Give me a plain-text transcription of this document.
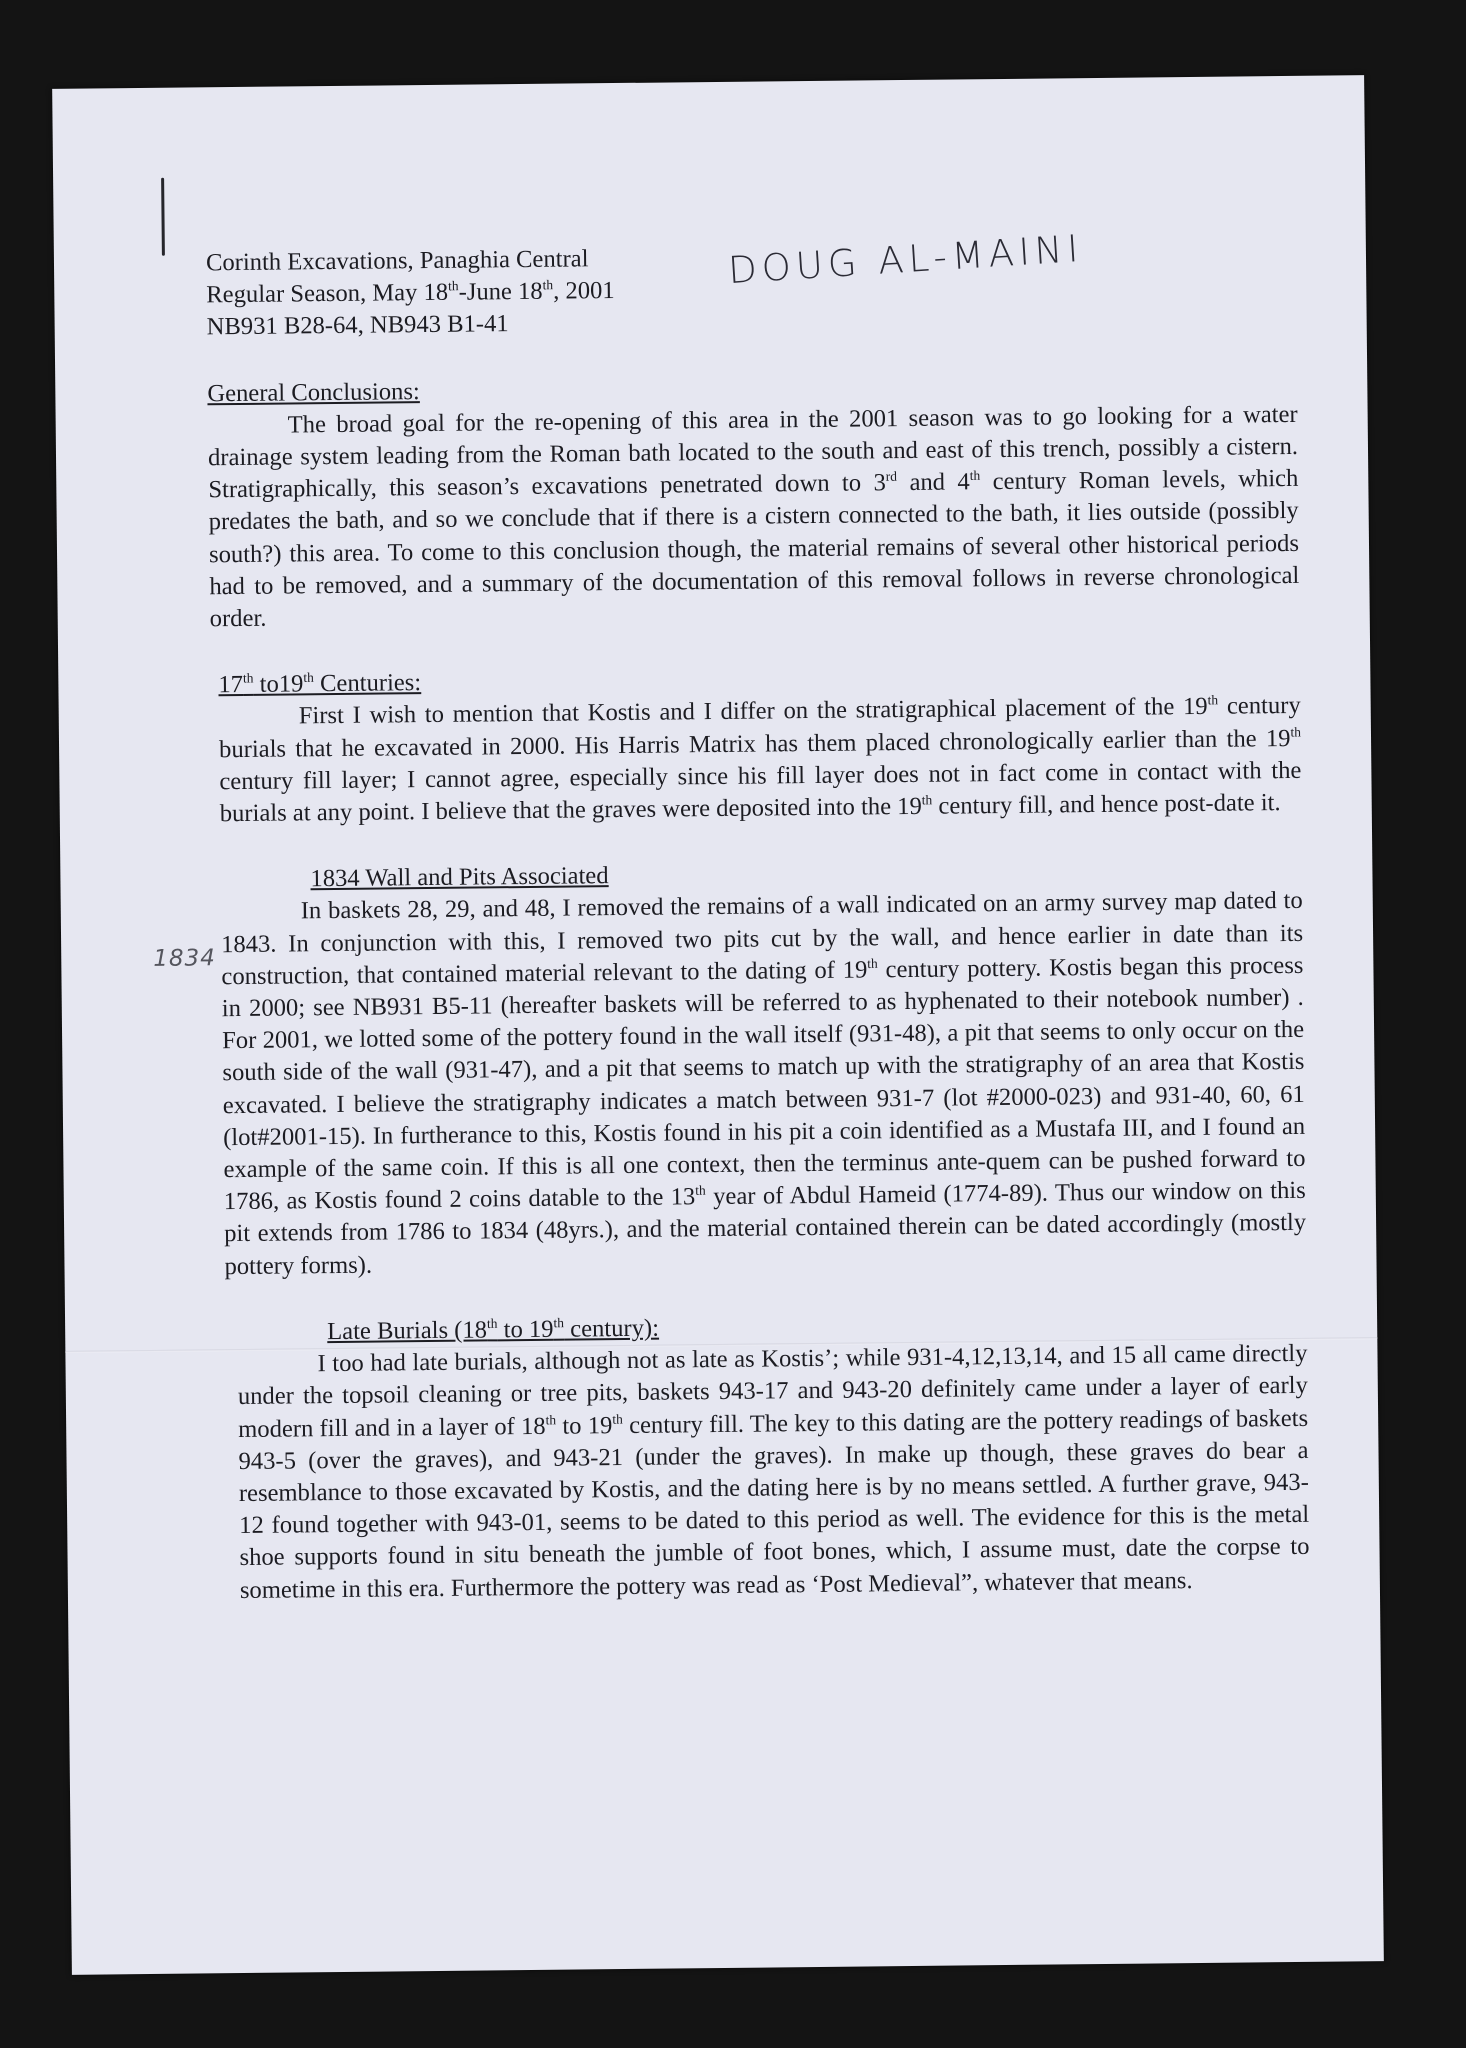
DOUG AL-MAINI
1834

Corinth Excavations, Panaghia Central

Regular Season, May 18th-June 18th, 2001

NB931 B28-64, NB943 B1-41

General Conclusions:

The broad goal for the re-opening of this area in the 2001 season was to go looking for a water drainage system leading from the Roman bath located to the south and east of this trench, possibly a cistern. Stratigraphically, this season’s excavations penetrated down to 3rd and 4th century Roman levels, which predates the bath, and so we conclude that if there is a cistern connected to the bath, it lies outside (possibly south?) this area. To come to this conclusion though, the material remains of several other historical periods had to be removed, and a summary of the documentation of this removal follows in reverse chronological order.

17th to19th Centuries:

First I wish to mention that Kostis and I differ on the stratigraphical placement of the 19th century burials that he excavated in 2000. His Harris Matrix has them placed chronologically earlier than the 19th century fill layer; I cannot agree, especially since his fill layer does not in fact come in contact with the burials at any point. I believe that the graves were deposited into the 19th century fill, and hence post-date it.

1834 Wall and Pits Associated

In baskets 28, 29, and 48, I removed the remains of a wall indicated on an army survey map dated to 1843. In conjunction with this, I removed two pits cut by the wall, and hence earlier in date than its construction, that contained material relevant to the dating of 19th century pottery. Kostis began this process in 2000; see NB931 B5-11 (hereafter baskets will be referred to as hyphenated to their notebook number) . For 2001, we lotted some of the pottery found in the wall itself (931-48), a pit that seems to only occur on the south side of the wall (931-47), and a pit that seems to match up with the stratigraphy of an area that Kostis excavated. I believe the stratigraphy indicates a match between 931-7 (lot #2000-023) and 931-40, 60, 61 (lot#2001-15). In furtherance to this, Kostis found in his pit a coin identified as a Mustafa III, and I found an example of the same coin. If this is all one context, then the terminus ante-quem can be pushed forward to 1786, as Kostis found 2 coins datable to the 13th year of Abdul Hameid (1774-89). Thus our window on this pit extends from 1786 to 1834 (48yrs.), and the material contained therein can be dated accordingly (mostly pottery forms).

Late Burials (18th to 19th century):

I too had late burials, although not as late as Kostis’; while 931-4,12,13,14, and 15 all came directly under the topsoil cleaning or tree pits, baskets 943-17 and 943-20 definitely came under a layer of early modern fill and in a layer of 18th to 19th century fill. The key to this dating are the pottery readings of baskets 943-5 (over the graves), and 943-21 (under the graves). In make up though, these graves do bear a resemblance to those excavated by Kostis, and the dating here is by no means settled. A further grave, 943-12 found together with 943-01, seems to be dated to this period as well. The evidence for this is the metal shoe supports found in situ beneath the jumble of foot bones, which, I assume must, date the corpse to sometime in this era. Furthermore the pottery was read as ‘Post Medieval”, whatever that means.
